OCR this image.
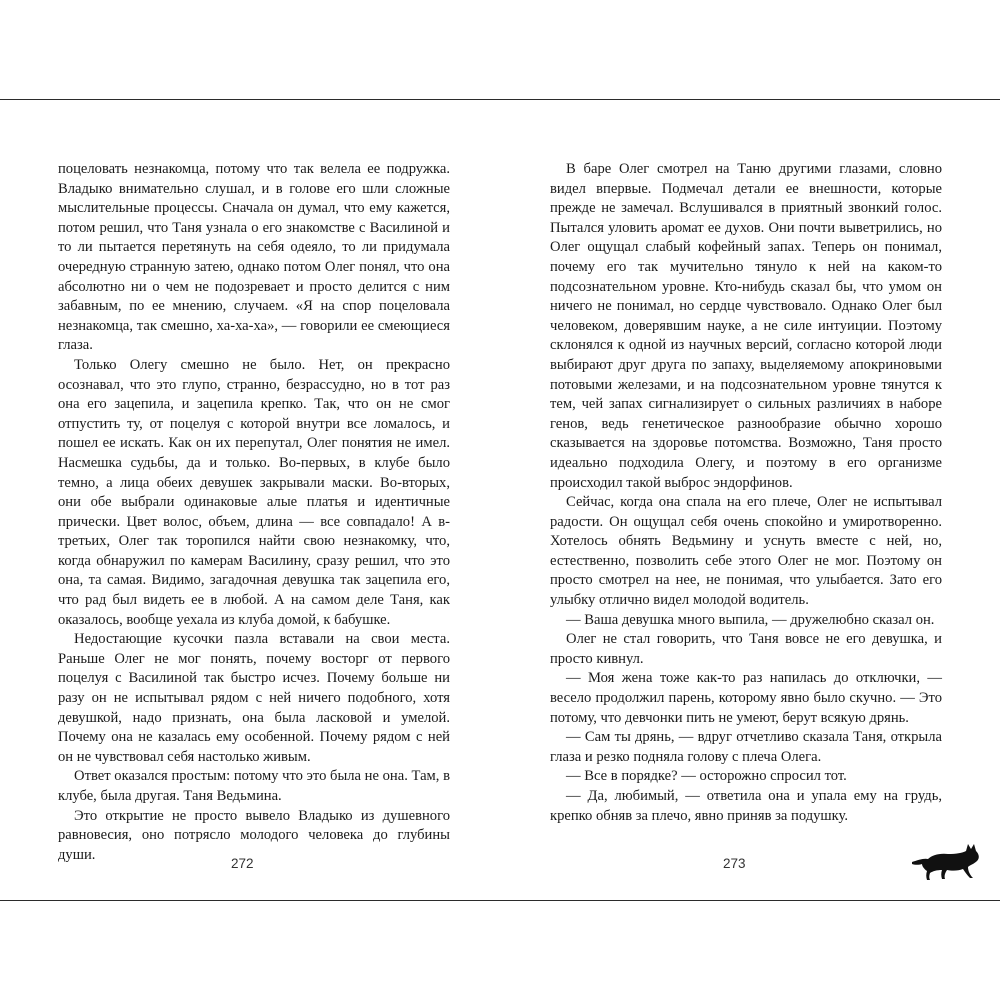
поцеловать незнакомца, потому что так велела ее подружка. Владыко внимательно слушал, и в голове его шли сложные мыслительные процессы. Сначала он думал, что ему кажется, потом решил, что Таня узнала о его знакомстве с Василиной и то ли пытается перетянуть на себя одеяло, то ли придумала очередную странную затею, однако потом Олег понял, что она абсолютно ни о чем не подозревает и просто делится с ним забавным, по ее мнению, случаем. «Я на спор поцеловала незнакомца, так смешно, ха-ха-ха», — говорили ее смеющиеся глаза.

Только Олегу смешно не было. Нет, он прекрасно осознавал, что это глупо, странно, безрассудно, но в тот раз она его зацепила, и зацепила крепко. Так, что он не смог отпустить ту, от поцелуя с которой внутри все ломалось, и пошел ее искать. Как он их перепутал, Олег понятия не имел. Насмешка судьбы, да и только. Во-первых, в клубе было темно, а лица обеих девушек закрывали маски. Во-вторых, они обе выбрали одинаковые алые платья и идентичные прически. Цвет волос, объем, длина — все совпадало! А в-третьих, Олег так торопился найти свою незнакомку, что, когда обнаружил по камерам Василину, сразу решил, что это она, та самая. Видимо, загадочная девушка так зацепила его, что рад был видеть ее в любой. А на самом деле Таня, как оказалось, вообще уехала из клуба домой, к бабушке.

Недостающие кусочки пазла вставали на свои места. Раньше Олег не мог понять, почему восторг от первого поцелуя с Василиной так быстро исчез. Почему больше ни разу он не испытывал рядом с ней ничего подобного, хотя девушкой, надо признать, она была ласковой и умелой. Почему она не казалась ему особенной. Почему рядом с ней он не чувствовал себя настолько живым.

Ответ оказался простым: потому что это была не она. Там, в клубе, была другая. Таня Ведьмина.

Это открытие не просто вывело Владыко из душевного равновесия, оно потрясло молодого человека до глубины души.

В баре Олег смотрел на Таню другими глазами, словно видел впервые. Подмечал детали ее внешности, которые прежде не замечал. Вслушивался в приятный звонкий голос. Пытался уловить аромат ее духов. Они почти выветрились, но Олег ощущал слабый кофейный запах. Теперь он понимал, почему его так мучительно тянуло к ней на каком-то подсознательном уровне. Кто-нибудь сказал бы, что умом он ничего не понимал, но сердце чувствовало. Однако Олег был человеком, доверявшим науке, а не силе интуиции. Поэтому склонялся к одной из научных версий, согласно которой люди выбирают друг друга по запаху, выделяемому апокриновыми потовыми железами, и на подсознательном уровне тянутся к тем, чей запах сигнализирует о сильных различиях в наборе генов, ведь генетическое разнообразие обычно хорошо сказывается на здоровье потомства. Возможно, Таня просто идеально подходила Олегу, и поэтому в его организме происходил такой выброс эндорфинов.

Сейчас, когда она спала на его плече, Олег не испытывал радости. Он ощущал себя очень спокойно и умиротворенно. Хотелось обнять Ведьмину и уснуть вместе с ней, но, естественно, позволить себе этого Олег не мог. Поэтому он просто смотрел на нее, не понимая, что улыбается. Зато его улыбку отлично видел молодой водитель.

— Ваша девушка много выпила, — дружелюбно сказал он.

Олег не стал говорить, что Таня вовсе не его девушка, и просто кивнул.

— Моя жена тоже как-то раз напилась до отключки, — весело продолжил парень, которому явно было скучно. — Это потому, что девчонки пить не умеют, берут всякую дрянь.

— Сам ты дрянь, — вдруг отчетливо сказала Таня, открыла глаза и резко подняла голову с плеча Олега.

— Все в порядке? — осторожно спросил тот.

— Да, любимый, — ответила она и упала ему на грудь, крепко обняв за плечо, явно приняв за подушку.

272	273
